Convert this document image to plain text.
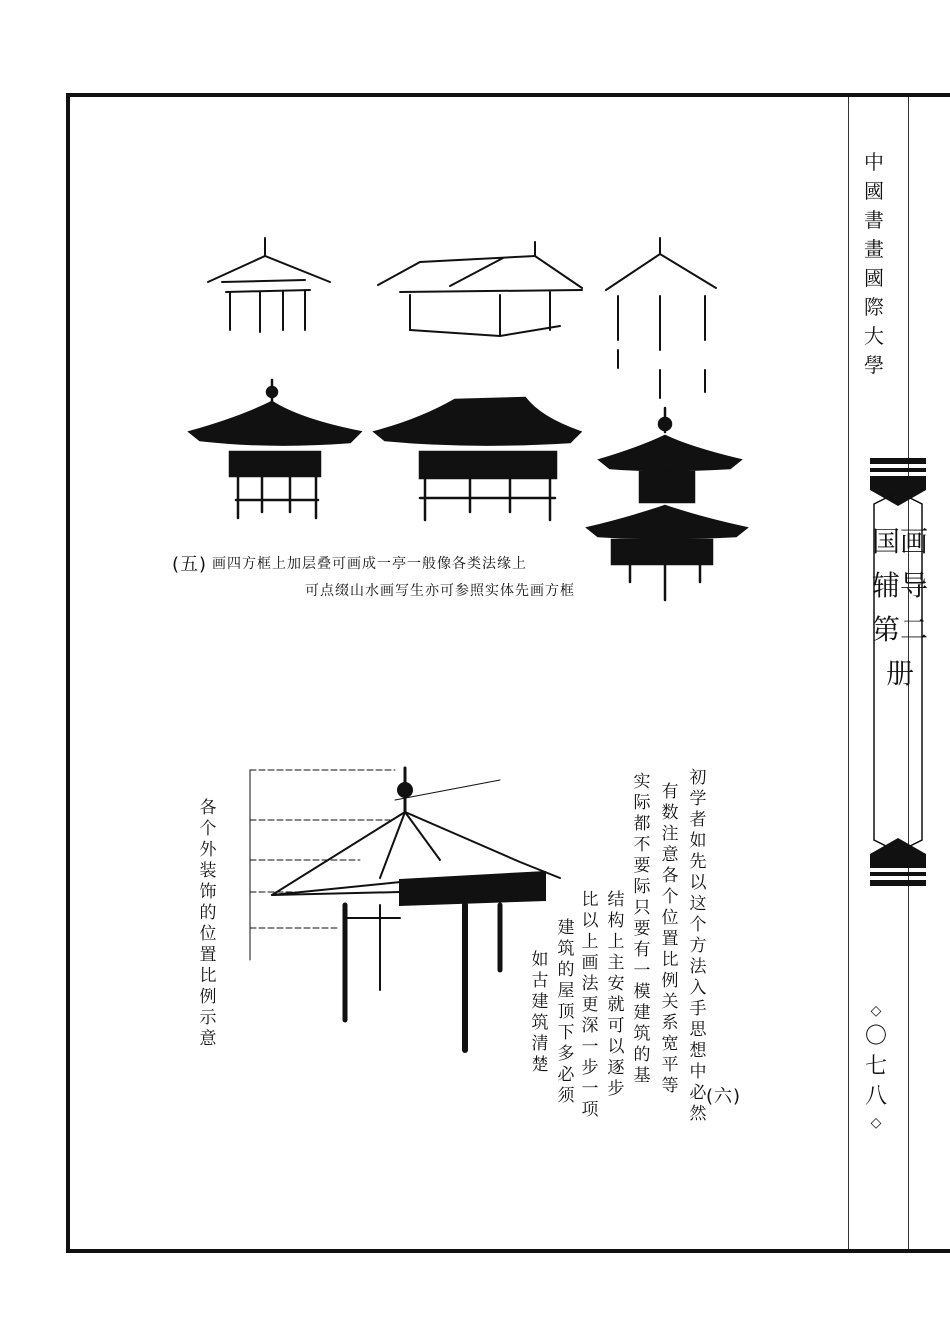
中國書畫國際大學
国画辅导第二册
◇
〇七八
◇
(五) 画四方框上加层叠可画成一亭一般像各类法缘上
可点缀山水画写生亦可参照实体先画方框
各个外装饰的位置比例示意
初学者如先以这个方法入手思想中必然
有数注意各个位置比例关系宽平等
实际都不要际只要有一模建筑的基
结构上主安就可以逐步
比以上画法更深一步一项
建筑的屋顶下多必须
如古建筑清楚
(六)
